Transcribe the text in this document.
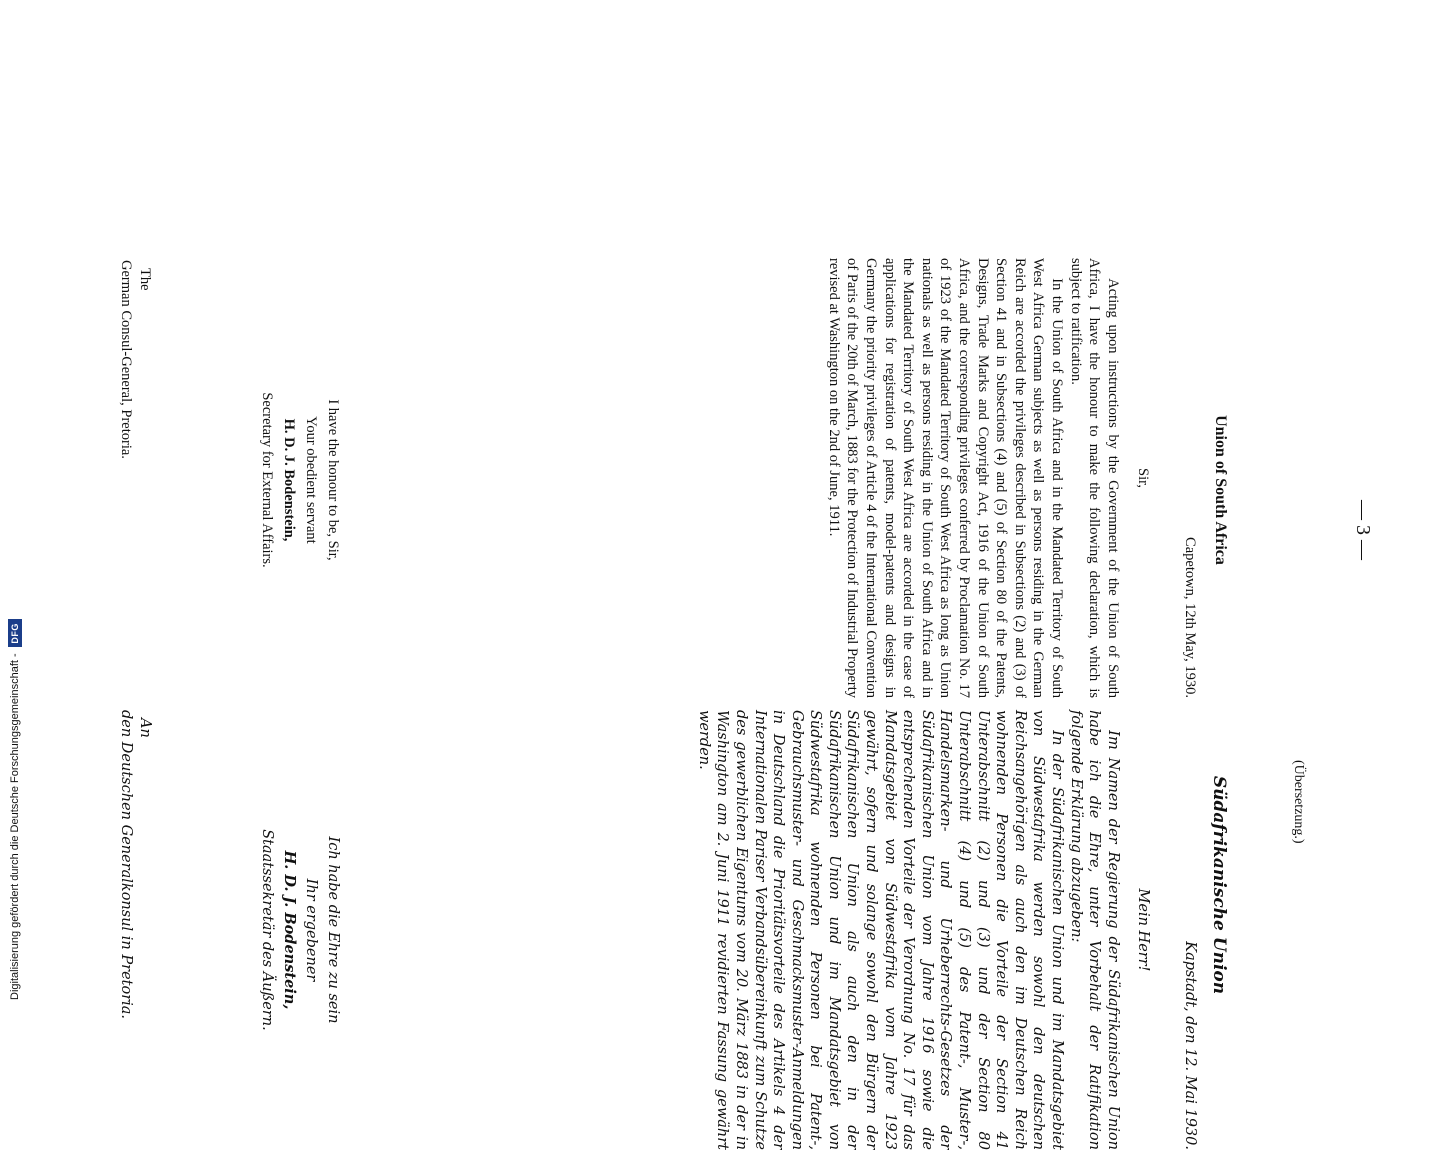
— 3 —
(Übersetzung.)
Union of South Africa
Südafrikanische Union
Capetown, 12th May, 1930.
Sir,

Acting upon instructions by the Government of the Union of South Africa, I have the honour to make the following declaration, which is subject to ratification.

In the Union of South Africa and in the Mandated Territory of South West Africa German subjects as well as persons residing in the German Reich are accorded the privileges described in Subsections (2) and (3) of Section 41 and in Subsections (4) and (5) of Section 80 of the Patents, Designs, Trade Marks and Copyright Act, 1916 of the Union of South Africa, and the corresponding privileges conferred by Proclamation No. 17 of 1923 of the Mandated Territory of South West Africa as long as Union nationals as well as persons residing in the Union of South Africa and in the Mandated Territory of South West Africa are accorded in the case of applications for registration of patents, model-patents and designs in Germany the priority privileges of Article 4 of the International Convention of Paris of the 20th of March, 1883 for the Protection of Industrial Property revised at Washington on the 2nd of June, 1911.

Kapstadt, den 12. Mai 1930.
Mein Herr!

Im Namen der Regierung der Südafrikanischen Union habe ich die Ehre, unter Vorbehalt der Ratifikation folgende Erklärung abzugeben:

In der Südafrikanischen Union und im Mandatsgebiet von Südwestafrika werden sowohl den deutschen Reichsangehörigen als auch den im Deutschen Reich wohnenden Personen die Vorteile der Section 41 Unterabschnitt (2) und (3) und der Section 80 Unterabschnitt (4) und (5) des Patent-, Muster-, Handelsmarken- und Urheberrechts-Gesetzes der Südafrikanischen Union vom Jahre 1916 sowie die entsprechenden Vorteile der Verordnung No. 17 für das Mandatsgebiet von Südwestafrika vom Jahre 1923 gewährt, sofern und solange sowohl den Bürgern der Südafrikanischen Union als auch den in der Südafrikanischen Union und im Mandatsgebiet von Südwestafrika wohnenden Personen bei Patent-, Gebrauchsmuster- und Geschmacksmuster-Anmeldungen in Deutschland die Prioritätsvorteile des Artikels 4 der Internationalen Pariser Verbandsübereinkunft zum Schutze des gewerblichen Eigentums vom 20. März 1883 in der in Washington am 2. Juni 1911 revidierten Fassung gewährt werden.

I have the honour to be, Sir,
Your obedient servant
H. D. J. Bodenstein,
Secretary for External Affairs.
Ich habe die Ehre zu sein
Ihr ergebener
H. D. J. Bodenstein,
Staatssekretär des Äußern.
The
German Consul-General, Pretoria.
An
den Deutschen Generalkonsul in Pretoria.
Digitalisierung gefördert durch die Deutsche Forschungsgemeinschaft -
DFG
